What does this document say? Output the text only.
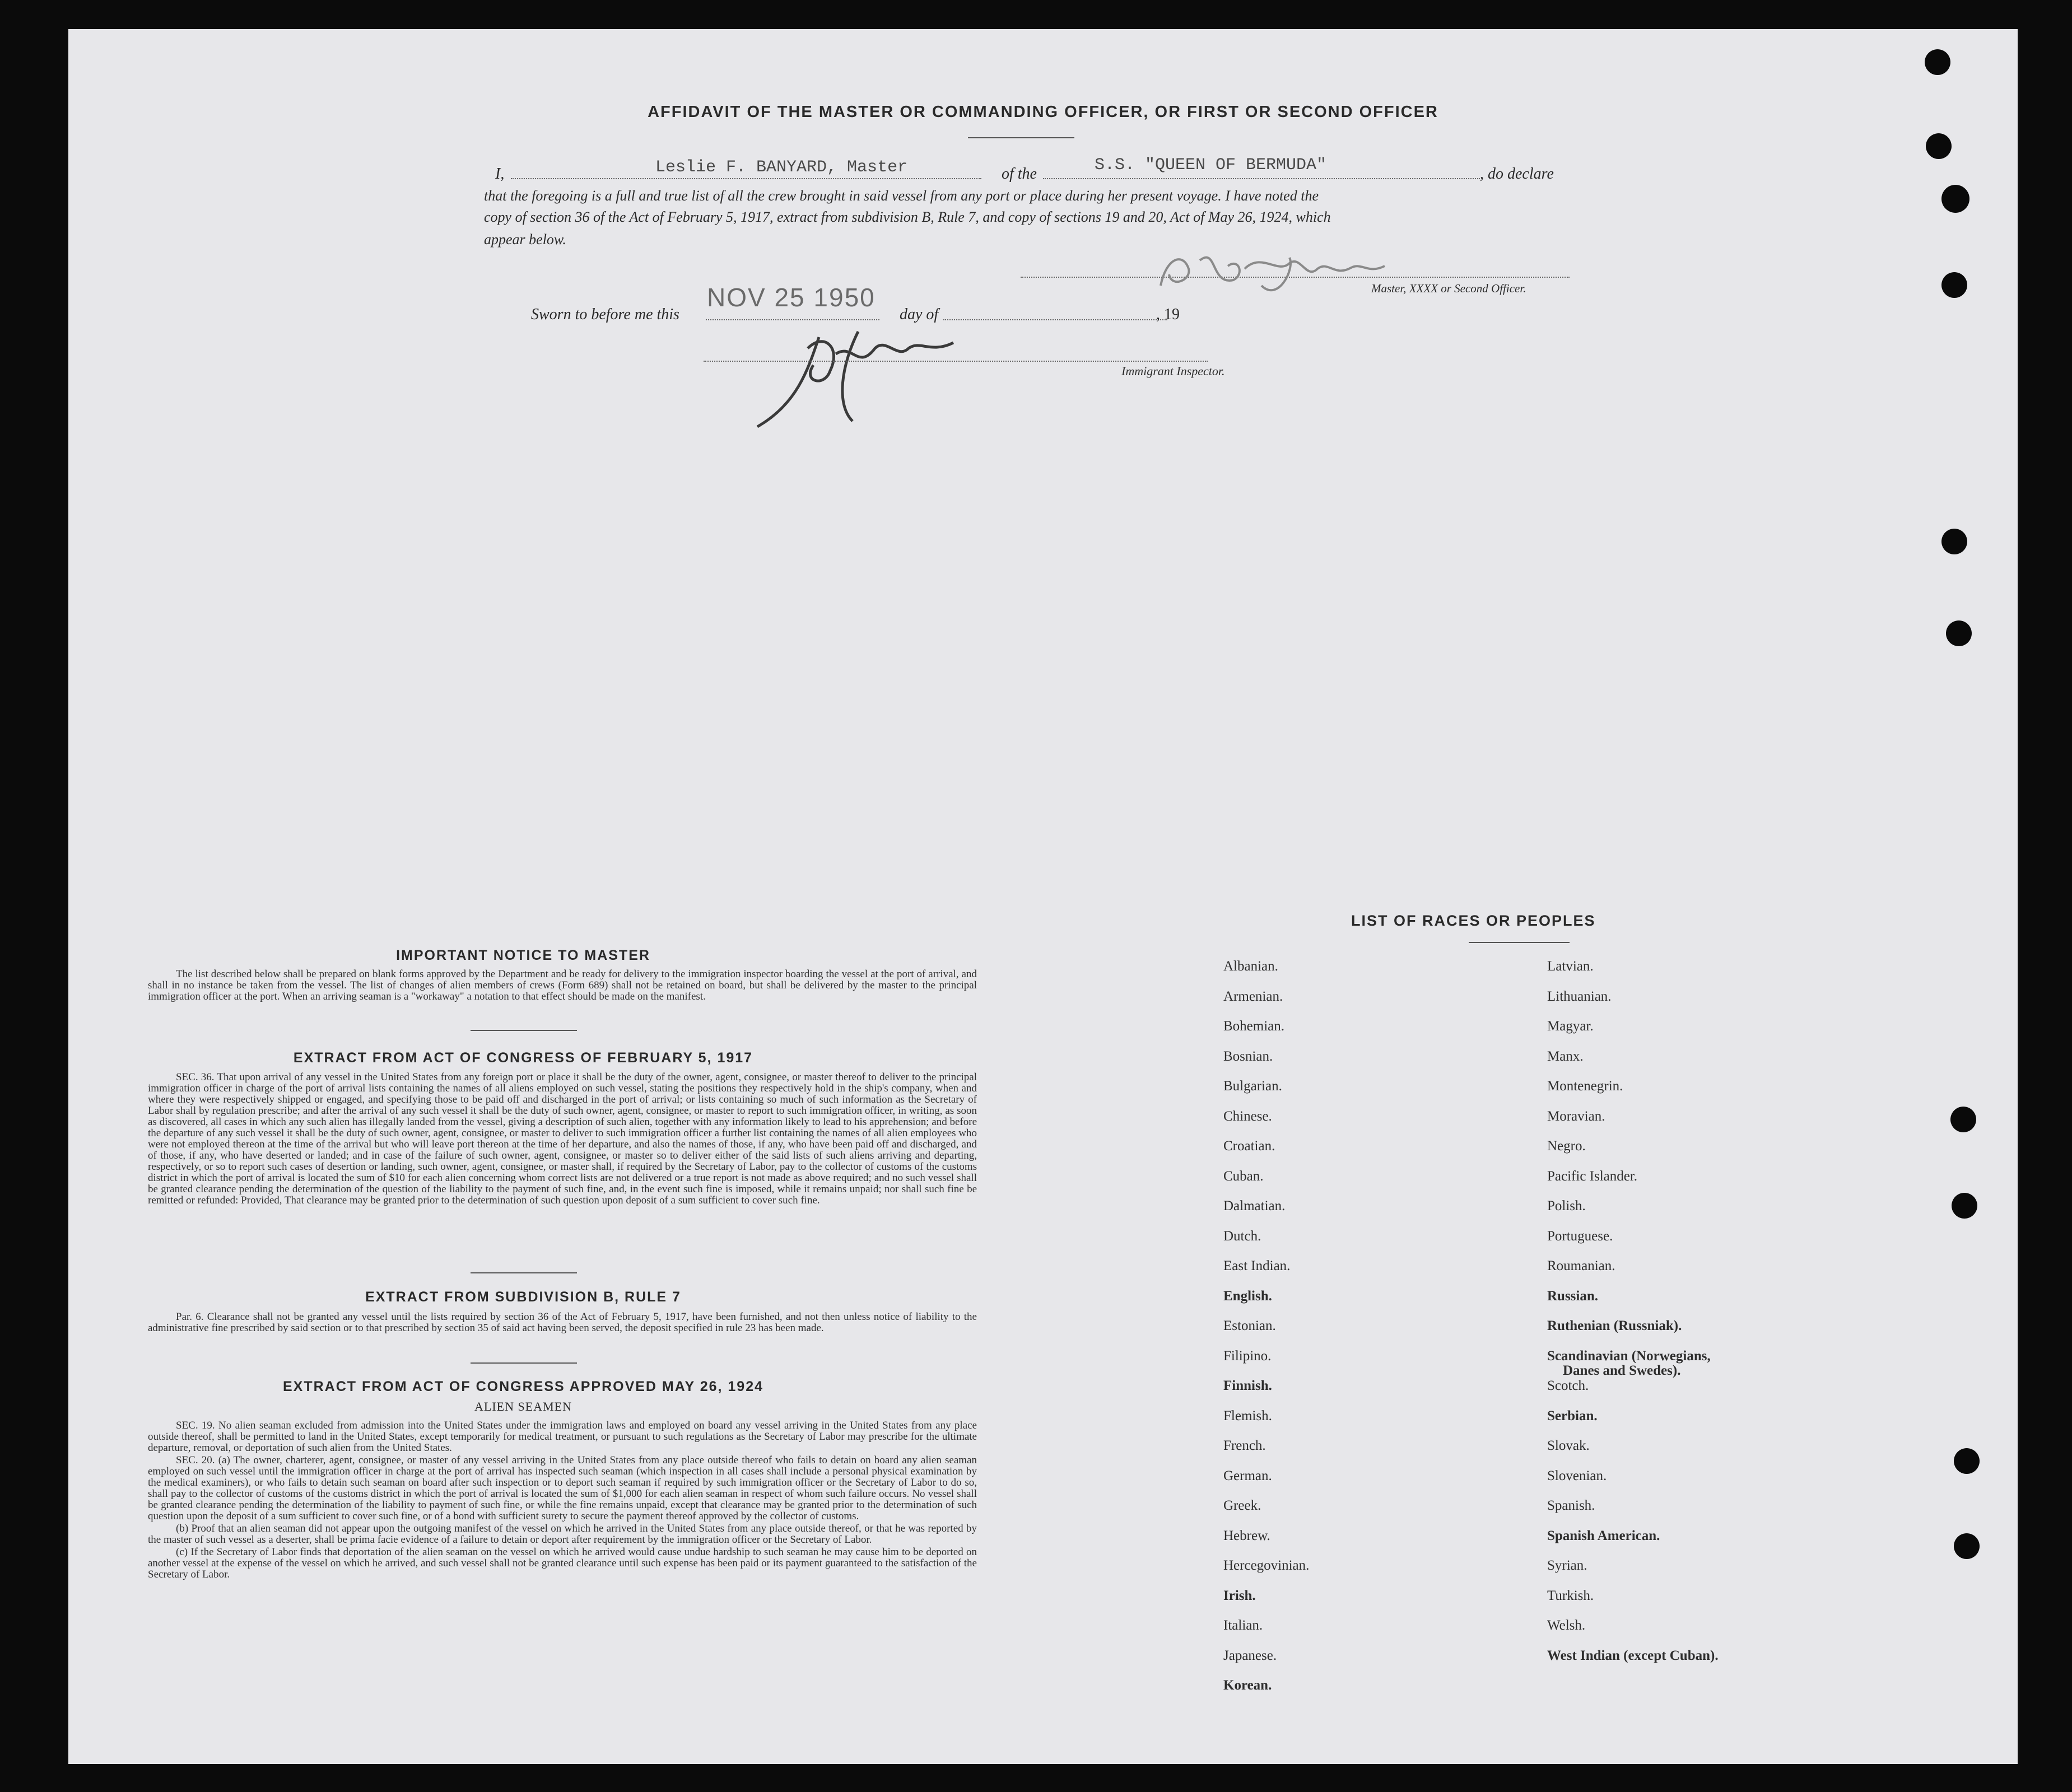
AFFIDAVIT OF THE MASTER OR COMMANDING OFFICER, OR FIRST OR SECOND OFFICER
I,	Leslie F. BANYARD, Master	of the	S.S. "QUEEN OF BERMUDA"	, do declare
that the foregoing is a full and true list of all the crew brought in said vessel from any port or place during her present voyage. I have noted the
copy of section 36 of the Act of February 5, 1917, extract from subdivision B, Rule 7, and copy of sections 19 and 20, Act of May 26, 1924, which
appear below.
Master, XXXX or Second Officer.
Sworn to before me this
NOV 25 1950
day of	, 19
Immigrant Inspector.
IMPORTANT NOTICE TO MASTER

The list described below shall be prepared on blank forms approved by the Department and be ready for delivery to the immigration inspector boarding the vessel at the port of arrival, and shall in no instance be taken from the vessel. The list of changes of alien members of crews (Form 689) shall not be retained on board, but shall be delivered by the master to the principal immigration officer at the port. When an arriving seaman is a "workaway" a notation to that effect should be made on the manifest.

EXTRACT FROM ACT OF CONGRESS OF FEBRUARY 5, 1917

SEC. 36. That upon arrival of any vessel in the United States from any foreign port or place it shall be the duty of the owner, agent, consignee, or master thereof to deliver to the principal immigration officer in charge of the port of arrival lists containing the names of all aliens employed on such vessel, stating the positions they respectively hold in the ship's company, when and where they were respectively shipped or engaged, and specifying those to be paid off and discharged in the port of arrival; or lists containing so much of such information as the Secretary of Labor shall by regulation prescribe; and after the arrival of any such vessel it shall be the duty of such owner, agent, consignee, or master to report to such immigration officer, in writing, as soon as discovered, all cases in which any such alien has illegally landed from the vessel, giving a description of such alien, together with any information likely to lead to his apprehension; and before the departure of any such vessel it shall be the duty of such owner, agent, consignee, or master to deliver to such immigration officer a further list containing the names of all alien employees who were not employed thereon at the time of the arrival but who will leave port thereon at the time of her departure, and also the names of those, if any, who have been paid off and discharged, and of those, if any, who have deserted or landed; and in case of the failure of such owner, agent, consignee, or master so to deliver either of the said lists of such aliens arriving and departing, respectively, or so to report such cases of desertion or landing, such owner, agent, consignee, or master shall, if required by the Secretary of Labor, pay to the collector of customs of the customs district in which the port of arrival is located the sum of $10 for each alien concerning whom correct lists are not delivered or a true report is not made as above required; and no such vessel shall be granted clearance pending the determination of the question of the liability to the payment of such fine, and, in the event such fine is imposed, while it remains unpaid; nor shall such fine be remitted or refunded: Provided, That clearance may be granted prior to the determination of such question upon deposit of a sum sufficient to cover such fine.

EXTRACT FROM SUBDIVISION B, RULE 7

Par. 6. Clearance shall not be granted any vessel until the lists required by section 36 of the Act of February 5, 1917, have been furnished, and not then unless notice of liability to the administrative fine prescribed by said section or to that prescribed by section 35 of said act having been served, the deposit specified in rule 23 has been made.

EXTRACT FROM ACT OF CONGRESS APPROVED MAY 26, 1924
ALIEN SEAMEN

SEC. 19. No alien seaman excluded from admission into the United States under the immigration laws and employed on board any vessel arriving in the United States from any place outside thereof, shall be permitted to land in the United States, except temporarily for medical treatment, or pursuant to such regulations as the Secretary of Labor may prescribe for the ultimate departure, removal, or deportation of such alien from the United States.

SEC. 20. (a) The owner, charterer, agent, consignee, or master of any vessel arriving in the United States from any place outside thereof who fails to detain on board any alien seaman employed on such vessel until the immigration officer in charge at the port of arrival has inspected such seaman (which inspection in all cases shall include a personal physical examination by the medical examiners), or who fails to detain such seaman on board after such inspection or to deport such seaman if required by such immigration officer or the Secretary of Labor to do so, shall pay to the collector of customs of the customs district in which the port of arrival is located the sum of $1,000 for each alien seaman in respect of whom such failure occurs. No vessel shall be granted clearance pending the determination of the liability to payment of such fine, or while the fine remains unpaid, except that clearance may be granted prior to the determination of such question upon the deposit of a sum sufficient to cover such fine, or of a bond with sufficient surety to secure the payment thereof approved by the collector of customs.

(b) Proof that an alien seaman did not appear upon the outgoing manifest of the vessel on which he arrived in the United States from any place outside thereof, or that he was reported by the master of such vessel as a deserter, shall be prima facie evidence of a failure to detain or deport after requirement by the immigration officer or the Secretary of Labor.

(c) If the Secretary of Labor finds that deportation of the alien seaman on the vessel on which he arrived would cause undue hardship to such seaman he may cause him to be deported on another vessel at the expense of the vessel on which he arrived, and such vessel shall not be granted clearance until such expense has been paid or its payment guaranteed to the satisfaction of the Secretary of Labor.

LIST OF RACES OR PEOPLES
Albanian.
Armenian.
Bohemian.
Bosnian.
Bulgarian.
Chinese.
Croatian.
Cuban.
Dalmatian.
Dutch.
East Indian.
English.
Estonian.
Filipino.
Finnish.
Flemish.
French.
German.
Greek.
Hebrew.
Hercegovinian.
Irish.
Italian.
Japanese.
Korean.
Latvian.
Lithuanian.
Magyar.
Manx.
Montenegrin.
Moravian.
Negro.
Pacific Islander.
Polish.
Portuguese.
Roumanian.
Russian.
Ruthenian (Russniak).
Scandinavian (Norwegians,
Danes and Swedes).
Scotch.
Serbian.
Slovak.
Slovenian.
Spanish.
Spanish American.
Syrian.
Turkish.
Welsh.
West Indian (except Cuban).
